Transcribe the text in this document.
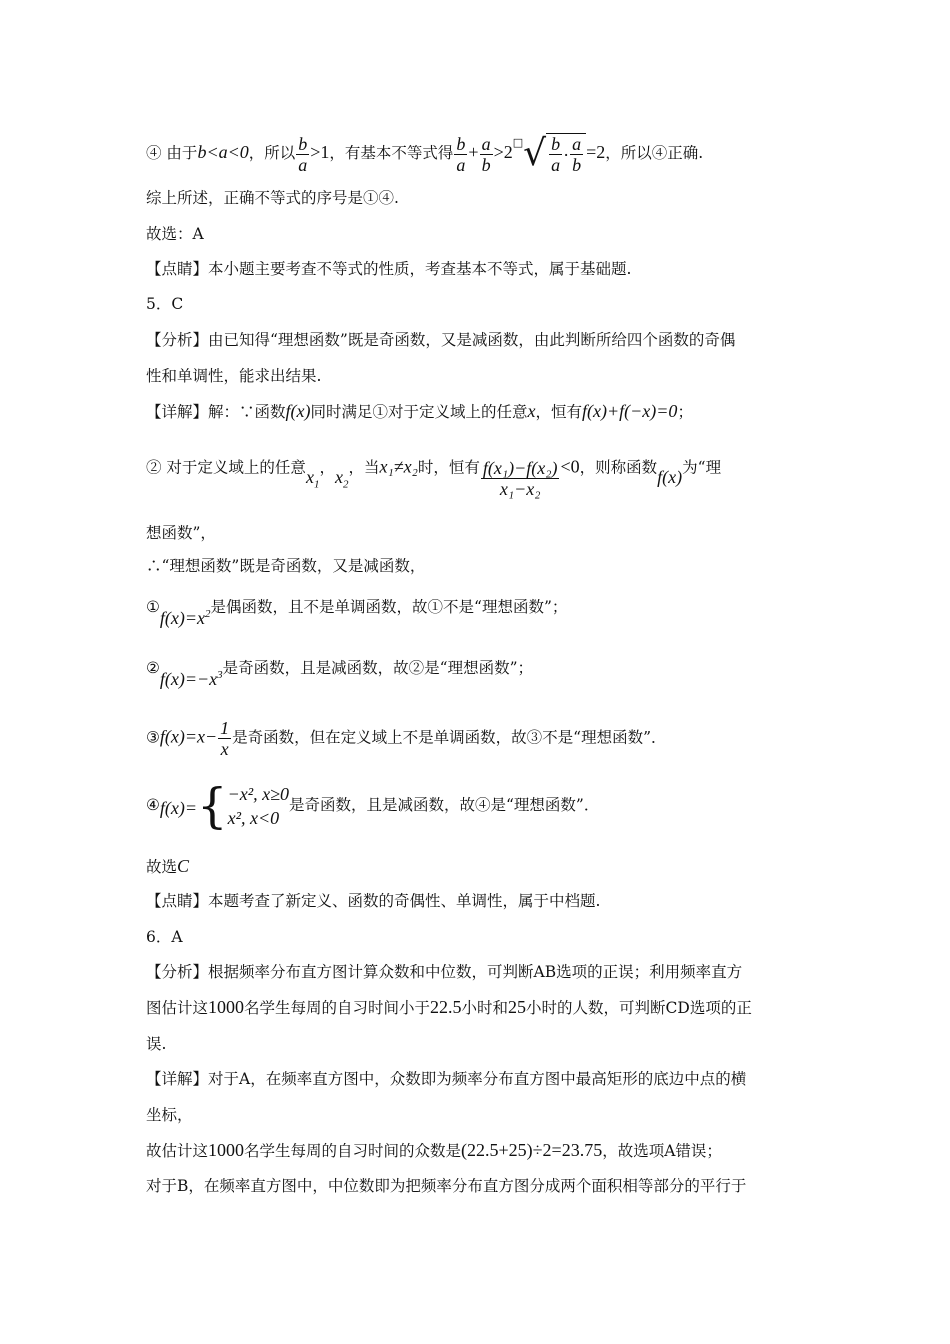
④ 由于b<a<0，所以 $\frac{b}{a} >1$，有基本不等式得 $\frac{b}{a} + \frac{a}{b} >2^□$ √ $\frac{b}{a} \cdot \frac{a}{b} =2$，所以④正确.
综上所述，正确不等式的序号是①④.
故选：A
【点睛】本小题主要考查不等式的性质，考查基本不等式，属于基础题.
5．C
【分析】由已知得“理想函数”既是奇函数，又是减函数，由此判断所给四个函数的奇偶
性和单调性，能求出结果.
【详解】解：∵函数f(x)同时满足①对于定义域上的任意x，恒有f(x)+f(−x)=0；
② 对于定义域上的任意$x_1$，$x_2$，当x₁≠x₂时，恒有 $\frac{\text{f(x₁)−f(x₂)}}{\text{x₁−x₂}} <0$，则称函数f(x)为“理
想函数”，
∴“理想函数”既是奇函数，又是减函数，
$①f(x)=x^2$是偶函数，且不是单调函数，故①不是“理想函数”；
$②f(x)=-x^3$是奇函数，且是减函数，故②是“理想函数”；
③f(x)=x− $\frac{1}{x}$ 是奇函数，但在定义域上不是单调函数，故③不是“理想函数”．
④f(x)= { −x², x≥0
x², x<0
是奇函数，且是减函数，故④是“理想函数”．
故选C
【点睛】本题考查了新定义、函数的奇偶性、单调性，属于中档题.
6．A
【分析】根据频率分布直方图计算众数和中位数，可判断AB选项的正误；利用频率直方
图估计这1000名学生每周的自习时间小于22.5小时和25小时的人数，可判断CD选项的正
误.
【详解】对于A，在频率直方图中，众数即为频率分布直方图中最高矩形的底边中点的横
坐标，
故估计这1000名学生每周的自习时间的众数是(22.5+25)÷2=23.75，故选项A错误；
对于B，在频率直方图中，中位数即为把频率分布直方图分成两个面积相等部分的平行于
